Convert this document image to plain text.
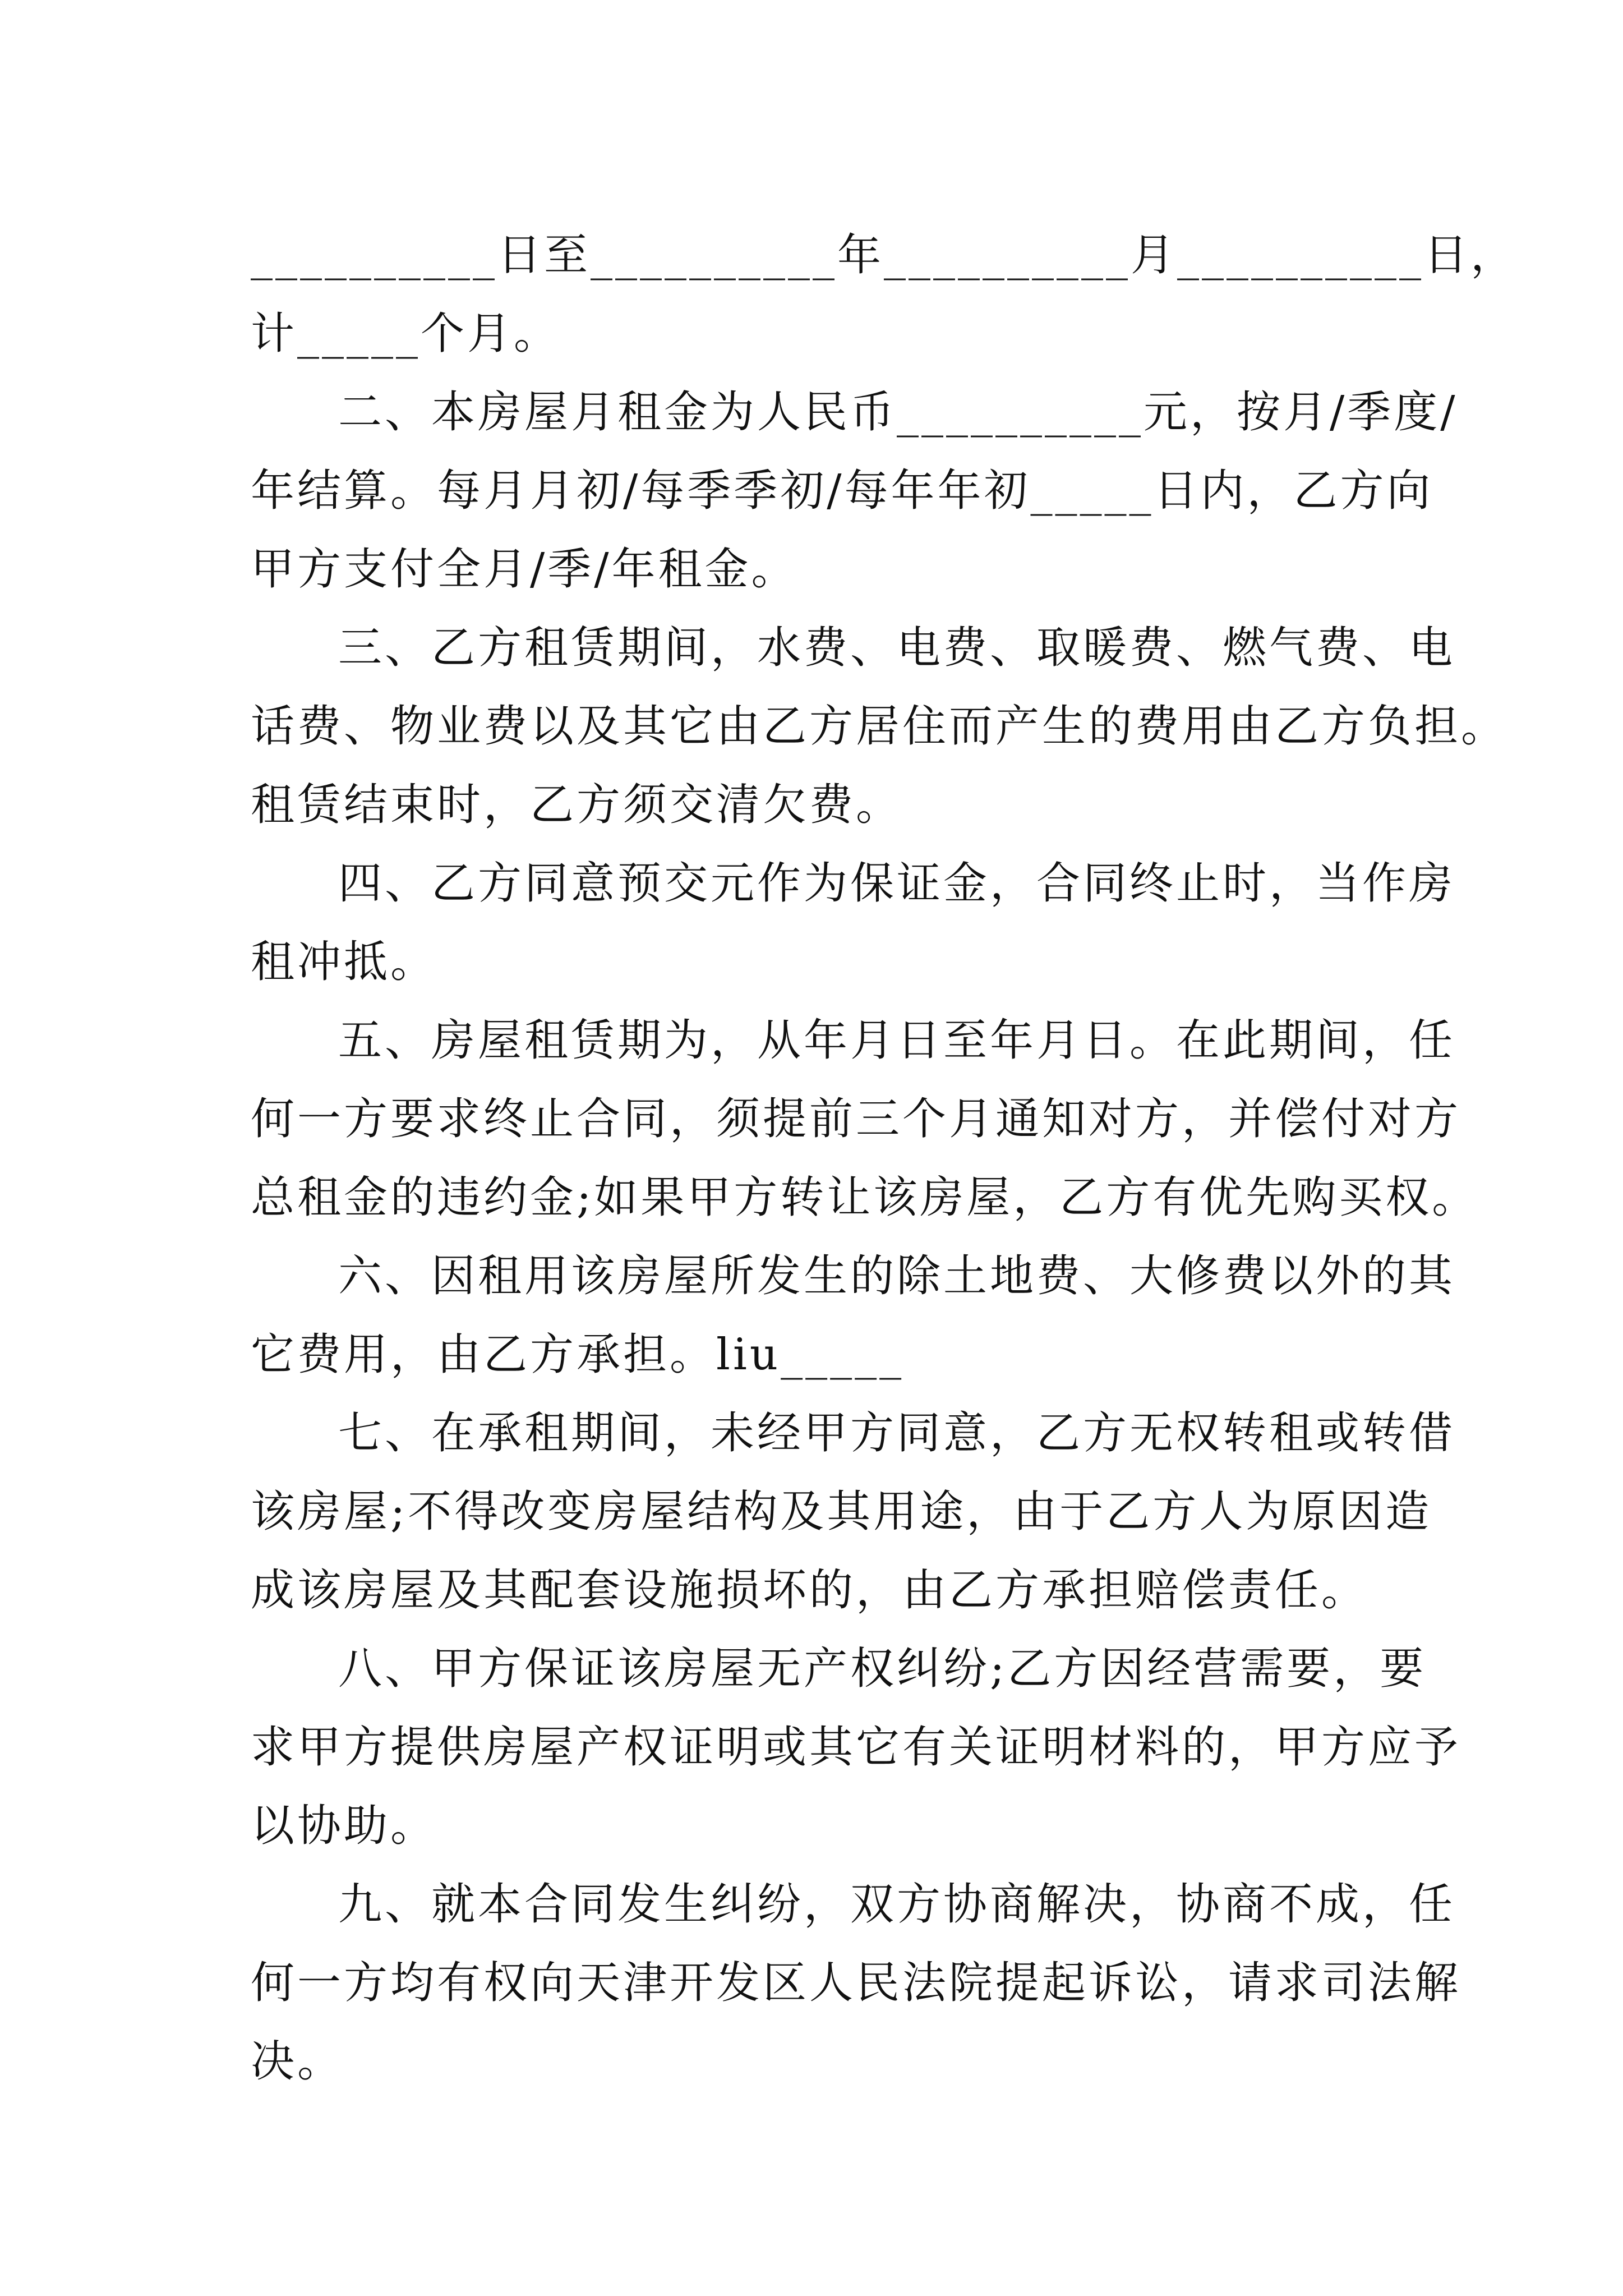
__________日至__________年__________月__________日，
计_____个月。
二、本房屋月租金为人民币__________元，按月/季度/
年结算。每月月初/每季季初/每年年初_____日内，乙方向
甲方支付全月/季/年租金。
三、乙方租赁期间，水费、电费、取暖费、燃气费、电
话费、物业费以及其它由乙方居住而产生的费用由乙方负担。
租赁结束时，乙方须交清欠费。
四、乙方同意预交元作为保证金，合同终止时，当作房
租冲抵。
五、房屋租赁期为，从年月日至年月日。在此期间，任
何一方要求终止合同，须提前三个月通知对方，并偿付对方
总租金的违约金;如果甲方转让该房屋，乙方有优先购买权。
六、因租用该房屋所发生的除土地费、大修费以外的其
它费用，由乙方承担。liu_____
七、在承租期间，未经甲方同意，乙方无权转租或转借
该房屋;不得改变房屋结构及其用途，由于乙方人为原因造
成该房屋及其配套设施损坏的，由乙方承担赔偿责任。
八、甲方保证该房屋无产权纠纷;乙方因经营需要，要
求甲方提供房屋产权证明或其它有关证明材料的，甲方应予
以协助。
九、就本合同发生纠纷，双方协商解决，协商不成，任
何一方均有权向天津开发区人民法院提起诉讼，请求司法解
决。
